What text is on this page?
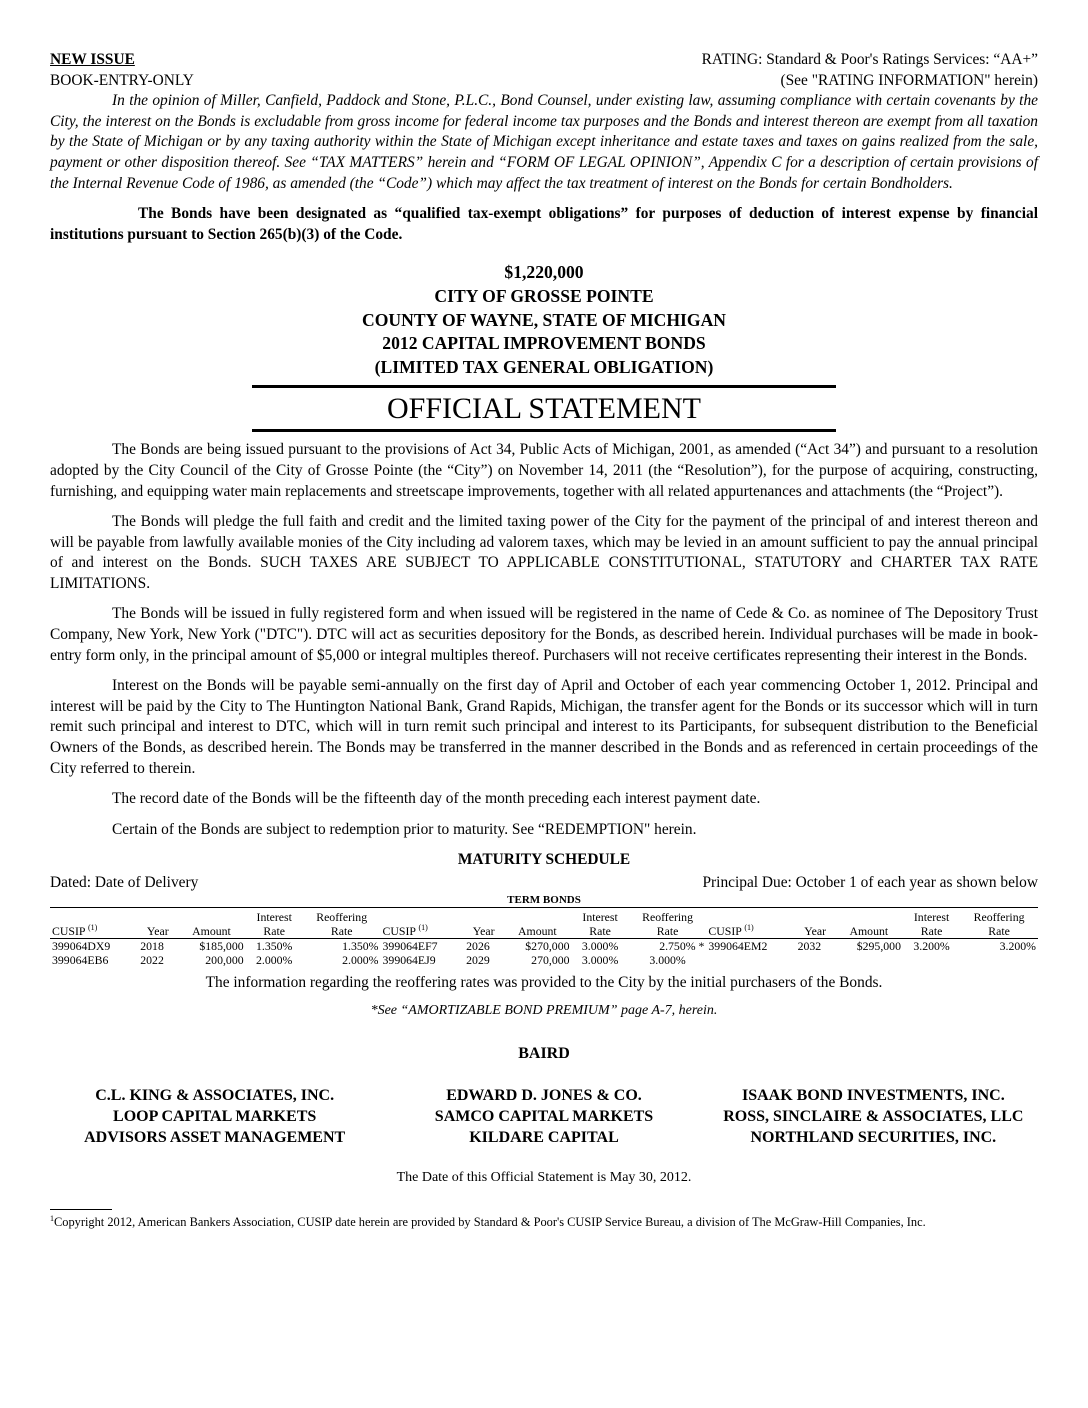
NEW ISSUE	RATING: Standard & Poor's Ratings Services: “AA+”
BOOK-ENTRY-ONLY	(See "RATING INFORMATION" herein)

In the opinion of Miller, Canfield, Paddock and Stone, P.L.C., Bond Counsel, under existing law, assuming compliance with certain covenants by the City, the interest on the Bonds is excludable from gross income for federal income tax purposes and the Bonds and interest thereon are exempt from all taxation by the State of Michigan or by any taxing authority within the State of Michigan except inheritance and estate taxes and taxes on gains realized from the sale, payment or other disposition thereof. See “TAX MATTERS” herein and “FORM OF LEGAL OPINION”, Appendix C for a description of certain provisions of the Internal Revenue Code of 1986, as amended (the “Code”) which may affect the tax treatment of interest on the Bonds for certain Bondholders.

The Bonds have been designated as “qualified tax-exempt obligations” for purposes of deduction of interest expense by financial institutions pursuant to Section 265(b)(3) of the Code.

$1,220,000
CITY OF GROSSE POINTE
COUNTY OF WAYNE, STATE OF MICHIGAN
2012 CAPITAL IMPROVEMENT BONDS
(LIMITED TAX GENERAL OBLIGATION)
OFFICIAL STATEMENT

The Bonds are being issued pursuant to the provisions of Act 34, Public Acts of Michigan, 2001, as amended (“Act 34”) and pursuant to a resolution adopted by the City Council of the City of Grosse Pointe (the “City”) on November 14, 2011 (the “Resolution”), for the purpose of acquiring, constructing, furnishing, and equipping water main replacements and streetscape improvements, together with all related appurtenances and attachments (the “Project”).

The Bonds will pledge the full faith and credit and the limited taxing power of the City for the payment of the principal of and interest thereon and will be payable from lawfully available monies of the City including ad valorem taxes, which may be levied in an amount sufficient to pay the annual principal of and interest on the Bonds. SUCH TAXES ARE SUBJECT TO APPLICABLE CONSTITUTIONAL, STATUTORY and CHARTER TAX RATE LIMITATIONS.

The Bonds will be issued in fully registered form and when issued will be registered in the name of Cede & Co. as nominee of The Depository Trust Company, New York, New York ("DTC"). DTC will act as securities depository for the Bonds, as described herein. Individual purchases will be made in book-entry form only, in the principal amount of $5,000 or integral multiples thereof. Purchasers will not receive certificates representing their interest in the Bonds.

Interest on the Bonds will be payable semi-annually on the first day of April and October of each year commencing October 1, 2012. Principal and interest will be paid by the City to The Huntington National Bank, Grand Rapids, Michigan, the transfer agent for the Bonds or its successor which will in turn remit such principal and interest to DTC, which will in turn remit such principal and interest to its Participants, for subsequent distribution to the Beneficial Owners of the Bonds, as described herein. The Bonds may be transferred in the manner described in the Bonds and as referenced in certain proceedings of the City referred to therein.

The record date of the Bonds will be the fifteenth day of the month preceding each interest payment date.

Certain of the Bonds are subject to redemption prior to maturity. See “REDEMPTION" herein.

MATURITY SCHEDULE
Dated: Date of Delivery	Principal Due: October 1 of each year as shown below
TERM BONDS
			Interest	Reoffering				Interest	Reoffering				Interest	Reoffering
CUSIP $^{(1)}$	Year	Amount	Rate	Rate	CUSIP $^{(1)}$	Year	Amount	Rate	Rate	CUSIP $^{(1)}$	Year	Amount	Rate	Rate
399064DX9	2018	$185,000	1.350%	1.350%	399064EF7	2026	$270,000	3.000%	2.750% *	399064EM2	2032	$295,000	3.200%	3.200%
399064EB6	2022	200,000	2.000%	2.000%	399064EJ9	2029	270,000	3.000%	3.000%					
The information regarding the reoffering rates was provided to the City by the initial purchasers of the Bonds.
*See “AMORTIZABLE BOND PREMIUM” page A-7, herein.
BAIRD
C.L. KING & ASSOCIATES, INC.
LOOP CAPITAL MARKETS
ADVISORS ASSET MANAGEMENT
EDWARD D. JONES & CO.
SAMCO CAPITAL MARKETS
KILDARE CAPITAL
ISAAK BOND INVESTMENTS, INC.
ROSS, SINCLAIRE & ASSOCIATES, LLC
NORTHLAND SECURITIES, INC.
The Date of this Official Statement is May 30, 2012.
$^1$Copyright 2012, American Bankers Association, CUSIP date herein are provided by Standard & Poor's CUSIP Service Bureau, a division of The McGraw-Hill Companies, Inc.
